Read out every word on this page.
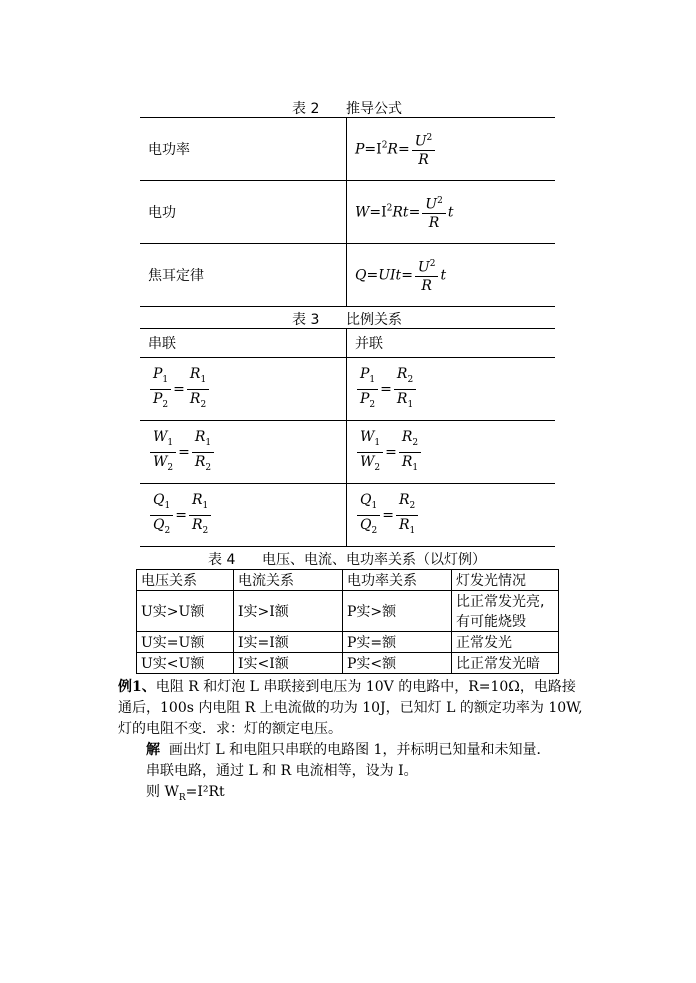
表 2      推导公式
电功率	$P=I^2R= \frac{U^2}{R}$

电功	$W=I^2Rt= \frac{U^2}{R}$ t
焦耳定律	$Q=UIt= \frac{U^2}{R}$ t
表 3      比例关系
串联	并联

$\frac{P_1}{P_2} = \frac{R_1}{R_2}$	$\frac{P_1}{P_2} = \frac{R_2}{R_1}$

$\frac{W_1}{W_2} = \frac{R_1}{R_2}$	$\frac{W_1}{W_2} = \frac{R_2}{R_1}$

$\frac{Q_1}{Q_2} = \frac{R_1}{R_2}$	$\frac{Q_1}{Q_2} = \frac{R_2}{R_1}$
表 4      电压、电流、电功率关系（以灯例）
电压关系	电流关系	电功率关系	灯发光情况
U实>U额	I实>I额	P实>额	比正常发光亮,有可能烧毁
U实=U额	I实=I额	P实=额	正常发光
U实<U额	I实<I额	P实<额	比正常发光暗
例1、电阻 R 和灯泡 L 串联接到电压为 10V 的电路中，R=10Ω，电路接
通后，100s 内电阻 R 上电流做的功为 10J，已知灯 L 的额定功率为 10W,
灯的电阻不变．求：灯的额定电压。
解  画出灯 L 和电阻只串联的电路图 1，并标明已知量和未知量．
串联电路，通过 L 和 R 电流相等，设为 I。
则 $W_R=I^2Rt$
